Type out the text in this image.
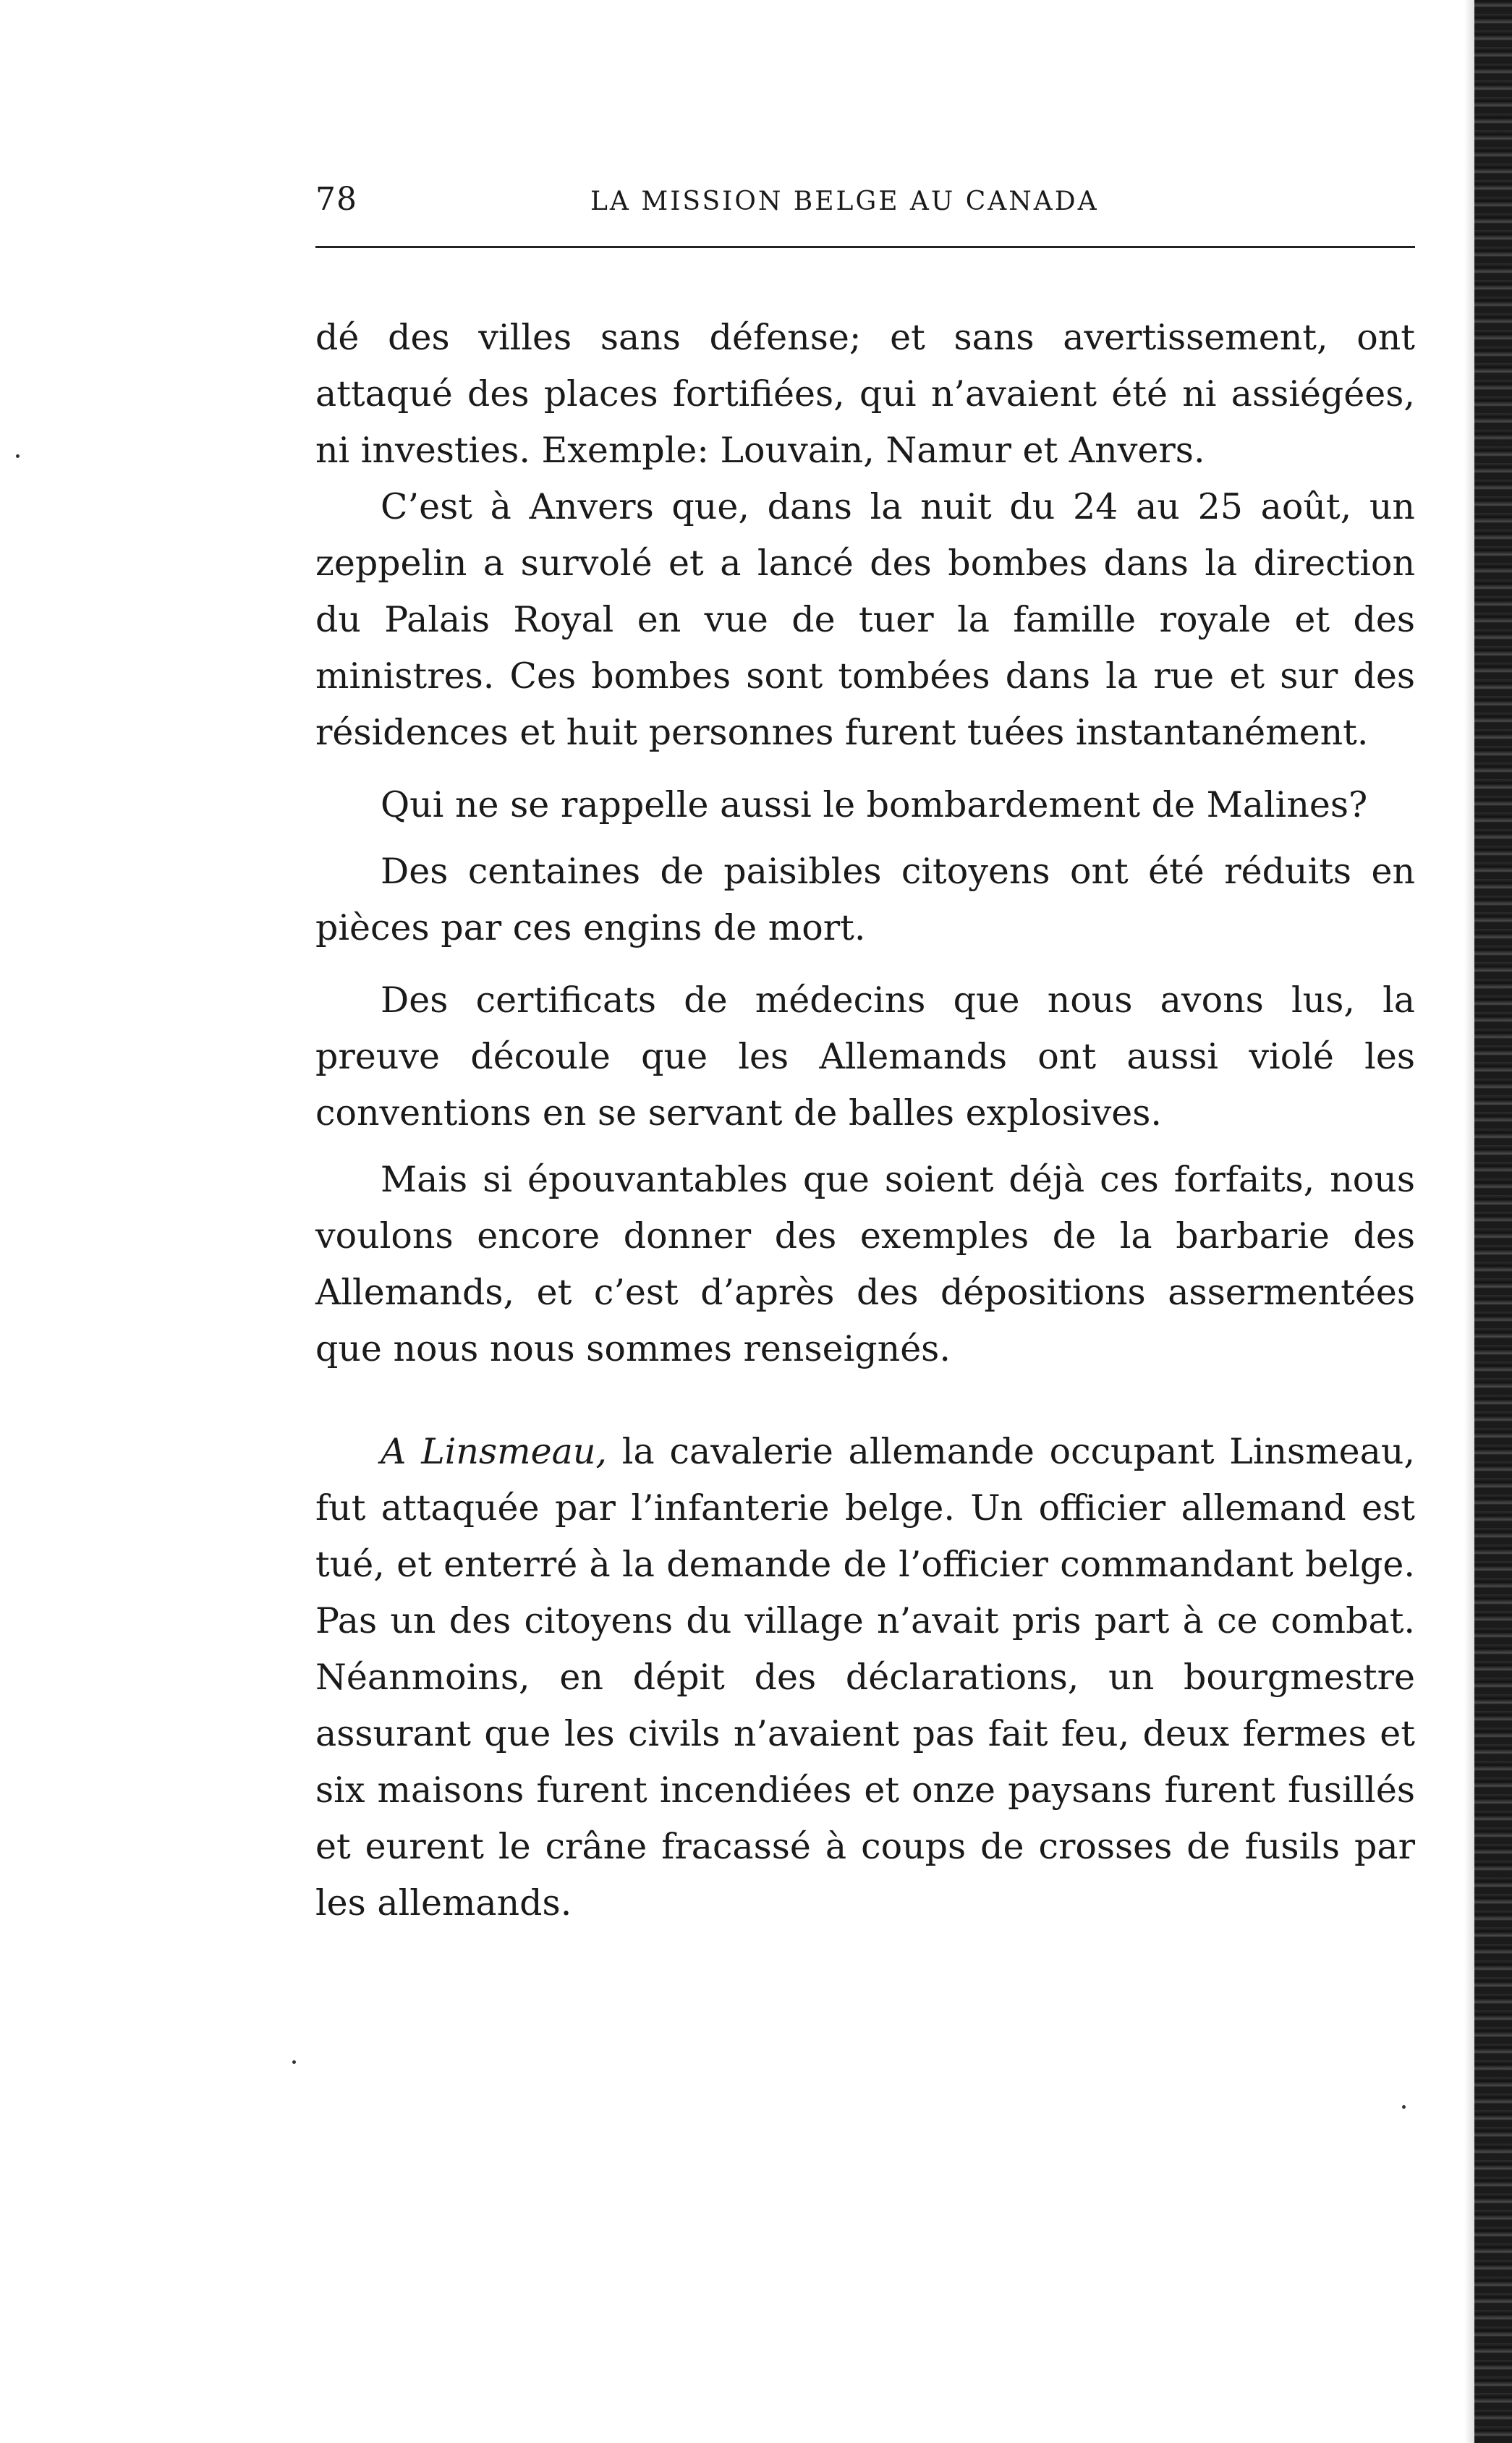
78	LA MISSION BELGE AU CANADA

dé des villes sans défense; et sans avertissement, ont attaqué des places fortifiées, qui n’avaient été ni assiégées, ni investies. Exemple: Louvain, Namur et Anvers.

C’est à Anvers que, dans la nuit du 24 au 25 août, un zeppelin a survolé et a lancé des bombes dans la direction du Palais Royal en vue de tuer la famille royale et des ministres. Ces bombes sont tombées dans la rue et sur des résidences et huit personnes furent tuées instantanément.

Qui ne se rappelle aussi le bombardement de Malines?

Des centaines de paisibles citoyens ont été réduits en pièces par ces engins de mort.

Des certificats de médecins que nous avons lus, la preuve découle que les Allemands ont aussi violé les conventions en se servant de balles explosives.

Mais si épouvantables que soient déjà ces forfaits, nous voulons encore donner des exemples de la barbarie des Allemands, et c’est d’après des dépositions assermentées que nous nous sommes renseignés.

A Linsmeau, la cavalerie allemande occupant Linsmeau, fut attaquée par l’infanterie belge. Un officier allemand est tué, et enterré à la demande de l’officier commandant belge. Pas un des citoyens du village n’avait pris part à ce combat. Néanmoins, en dépit des déclarations, un bourgmestre assurant que les civils n’avaient pas fait feu, deux fermes et six maisons furent incendiées et onze paysans furent fusillés et eurent le crâne fracassé à coups de crosses de fusils par les allemands.
